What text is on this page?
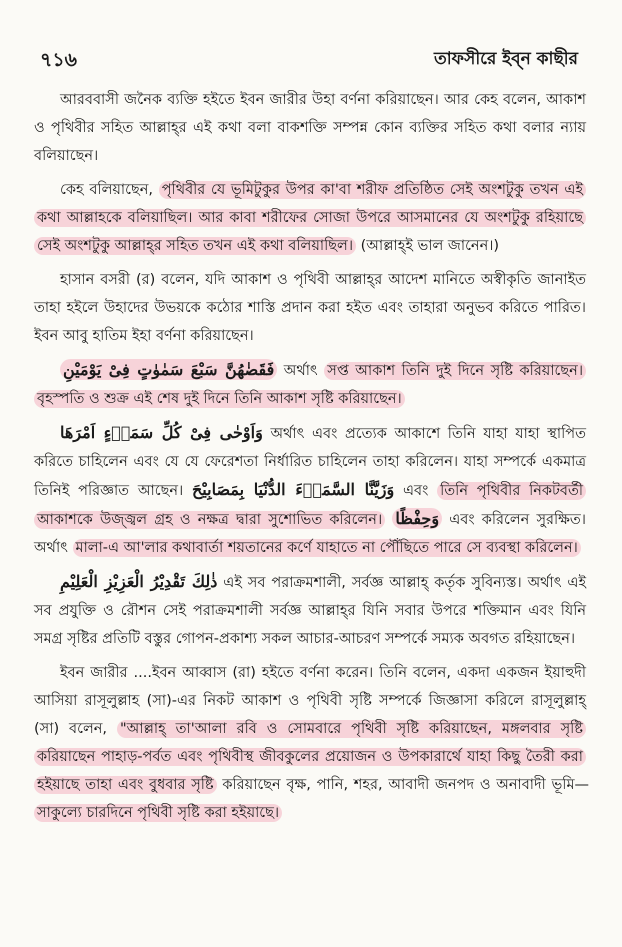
৭১৬	তাফসীরে ইব্‌ন কাছীর

আরববাসী জনৈক ব্যক্তি হইতে ইবন জারীর উহা বর্ণনা করিয়াছেন। আর কেহ বলেন, আকাশ ও পৃথিবীর সহিত আল্লাহ্‌র এই কথা বলা বাকশক্তি সম্পন্ন কোন ব্যক্তির সহিত কথা বলার ন্যায় বলিয়াছেন।

কেহ বলিয়াছেন, পৃথিবীর যে ভূমিটুকুর উপর কা'বা শরীফ প্রতিষ্ঠিত সেই অংশটুকু তখন এই কথা আল্লাহকে বলিয়াছিল। আর কাবা শরীফের সোজা উপরে আসমানের যে অংশটুকু রহিয়াছে সেই অংশটুকু আল্লাহ্‌র সহিত তখন এই কথা বলিয়াছিল। (আল্লাহ্‌ই ভাল জানেন।)

হাসান বসরী (র) বলেন, যদি আকাশ ও পৃথিবী আল্লাহ্‌র আদেশ মানিতে অস্বীকৃতি জানাইত তাহা হইলে উহাদের উভয়কে কঠোর শাস্তি প্রদান করা হইত এবং তাহারা অনুভব করিতে পারিত। ইবন আবু হাতিম ইহা বর্ণনা করিয়াছেন।

فَقَضٰهُنَّ سَبْعَ سَمٰوٰتٍ فِىْ يَوْمَيْنِ অর্থাৎ সপ্ত আকাশ তিনি দুই দিনে সৃষ্টি করিয়াছেন। বৃহস্পতি ও শুক্র এই শেষ দুই দিনে তিনি আকাশ সৃষ্টি করিয়াছেন।

وَاَوْحٰى فِىْ كُلِّ سَمَاۤءٍ اَمْرَهَا অর্থাৎ এবং প্রত্যেক আকাশে তিনি যাহা যাহা স্থাপিত করিতে চাহিলেন এবং যে যে ফেরেশতা নির্ধারিত চাহিলেন তাহা করিলেন। যাহা সম্পর্কে একমাত্র তিনিই পরিজ্ঞাত আছেন। وَزَيَّنَّا السَّمَاۤءَ الدُّنْيَا بِمَصَابِيْحَ এবং তিনি পৃথিবীর নিকটবর্তী আকাশকে উজ্জ্বল গ্রহ ও নক্ষত্র দ্বারা সুশোভিত করিলেন। وَحِفْظًا এবং করিলেন সুরক্ষিত। অর্থাৎ মালা-এ আ'লার কথাবার্তা শয়তানের কর্ণে যাহাতে না পৌঁছিতে পারে সে ব্যবস্থা করিলেন।

ذٰلِكَ تَقْدِيْرُ الْعَزِيْزِ الْعَلِيْمِ এই সব পরাক্রমশালী, সর্বজ্ঞ আল্লাহ্ কর্তৃক সুবিন্যস্ত। অর্থাৎ এই সব প্রযুক্তি ও রৌশন সেই পরাক্রমশালী সর্বজ্ঞ আল্লাহ্‌র যিনি সবার উপরে শক্তিমান এবং যিনি সমগ্র সৃষ্টির প্রতিটি বস্তুর গোপন-প্রকাশ্য সকল আচার-আচরণ সম্পর্কে সম্যক অবগত রহিয়াছেন।

ইবন জারীর ....ইবন আব্বাস (রা) হইতে বর্ণনা করেন। তিনি বলেন, একদা একজন ইয়াহুদী আসিয়া রাসূলুল্লাহ (সা)-এর নিকট আকাশ ও পৃথিবী সৃষ্টি সম্পর্কে জিজ্ঞাসা করিলে রাসূলুল্লাহ্ (সা) বলেন, "আল্লাহ্ তা'আলা রবি ও সোমবারে পৃথিবী সৃষ্টি করিয়াছেন, মঙ্গলবার সৃষ্টি করিয়াছেন পাহাড়-পর্বত এবং পৃথিবীস্থ জীবকুলের প্রয়োজন ও উপকারার্থে যাহা কিছু তৈরী করা হইয়াছে তাহা এবং বুধবার সৃষ্টি করিয়াছেন বৃক্ষ, পানি, শহর, আবাদী জনপদ ও অনাবাদী ভূমি—সাকুল্যে চারদিনে পৃথিবী সৃষ্টি করা হইয়াছে।
